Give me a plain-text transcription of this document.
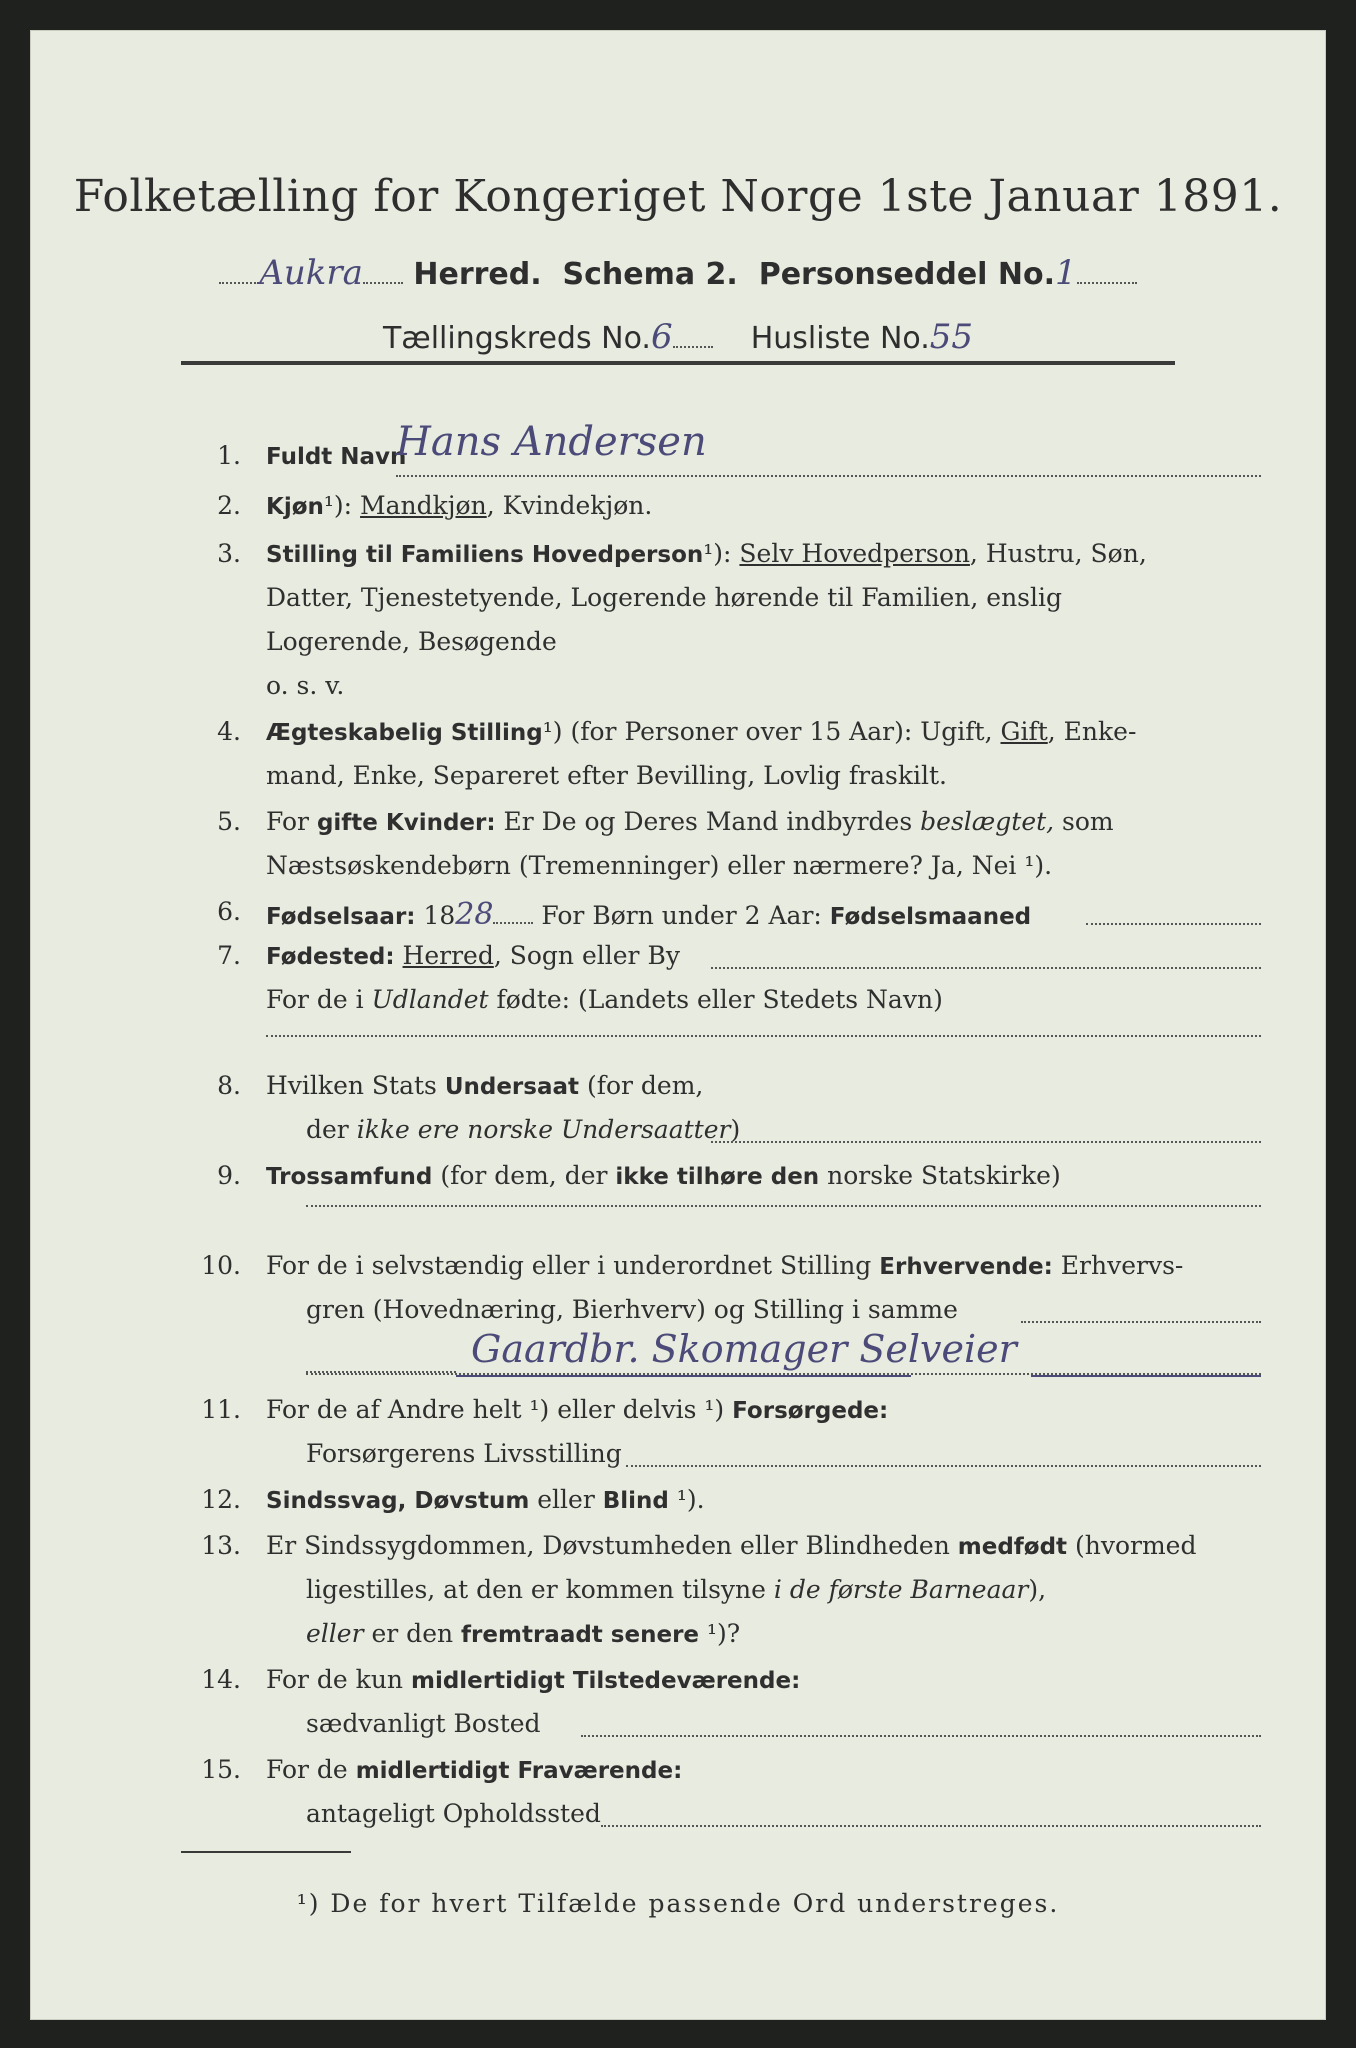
Folketælling for Kongeriget Norge 1ste Januar 1891.
Aukra Herred. Schema 2. Personseddel No.1
Tællingskreds No.6	Husliste No.55
1. Fuldt Navn
Hans Andersen
2. Kjøn¹): Mandkjøn, Kvindekjøn.
3. Stilling til Familiens Hovedperson¹): Selv Hovedperson, Hustru, Søn,
Datter, Tjenestetyende, Logerende hørende til Familien, enslig
Logerende, Besøgende
o. s. v.
4. Ægteskabelig Stilling¹) (for Personer over 15 Aar): Ugift, Gift, Enke-
mand, Enke, Separeret efter Bevilling, Lovlig fraskilt.
5. For gifte Kvinder: Er De og Deres Mand indbyrdes beslægtet, som
Næstsøskendebørn (Tremenninger) eller nærmere? Ja, Nei ¹).
6. Fødselsaar: 1828 For Børn under 2 Aar: Fødselsmaaned
7. Fødested: Herred, Sogn eller By
For de i Udlandet fødte: (Landets eller Stedets Navn)
8. Hvilken Stats Undersaat (for dem,
der ikke ere norske Undersaatter)
9. Trossamfund (for dem, der ikke tilhøre den norske Statskirke)
10. For de i selvstændig eller i underordnet Stilling Erhvervende: Erhvervs-
gren (Hovednæring, Bierhverv) og Stilling i samme
Gaardbr. Skomager Selveier
11. For de af Andre helt ¹) eller delvis ¹) Forsørgede:
Forsørgerens Livsstilling
12. Sindssvag, Døvstum eller Blind ¹).
13. Er Sindssygdommen, Døvstumheden eller Blindheden medfødt (hvormed
ligestilles, at den er kommen tilsyne i de første Barneaar),
eller er den fremtraadt senere ¹)?
14. For de kun midlertidigt Tilstedeværende:
sædvanligt Bosted
15. For de midlertidigt Fraværende:
antageligt Opholdssted
¹) De for hvert Tilfælde passende Ord understreges.
